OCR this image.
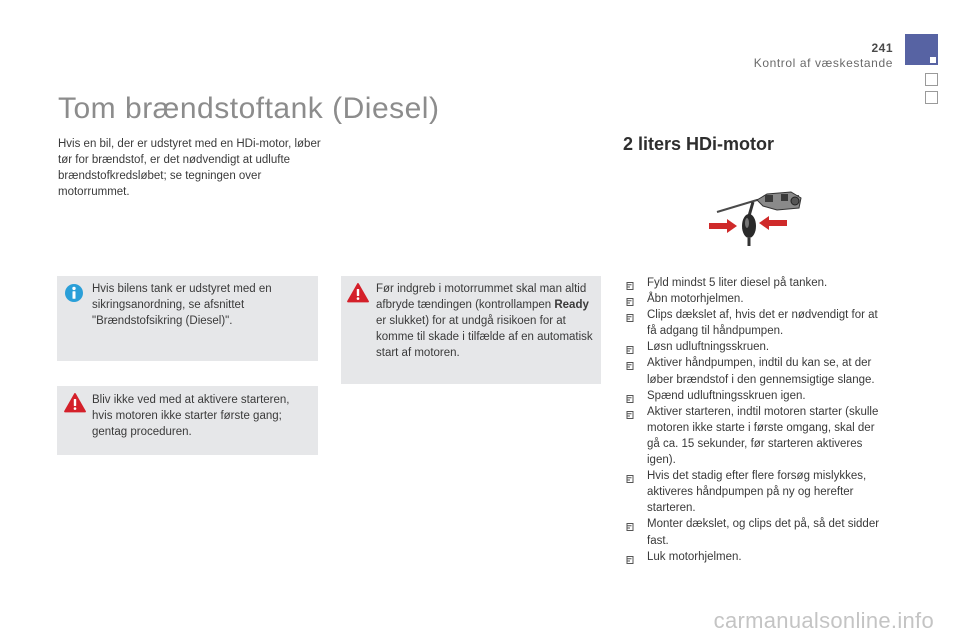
241
Kontrol af væskestande
Tom brændstoftank (Diesel)

Hvis en bil, der er udstyret med en HDi-motor, løber tør for brændstof, er det nødvendigt at udlufte brændstofkredsløbet; se tegningen over motorrummet.

Hvis bilens tank er udstyret med en sikringsanordning, se afsnittet "Brændstofsikring (Diesel)".

Bliv ikke ved med at aktivere starteren, hvis motoren ikke starter første gang; gentag proceduren.

Før indgreb i motorrummet skal man altid afbryde tændingen (kontrollampen Ready er slukket) for at undgå risikoen for at komme til skade i tilfælde af en automatisk start af motoren.

2 liters HDi-motor
Fyld mindst 5 liter diesel på tanken.
Åbn motorhjelmen.
Clips dækslet af, hvis det er nødvendigt for at få adgang til håndpumpen.
Løsn udluftningsskruen.
Aktiver håndpumpen, indtil du kan se, at der løber brændstof i den gennemsigtige slange.
Spænd udluftningsskruen igen.
Aktiver starteren, indtil motoren starter (skulle motoren ikke starte i første omgang, skal der gå ca. 15 sekunder, før starteren aktiveres igen).
Hvis det stadig efter flere forsøg mislykkes, aktiveres håndpumpen på ny og herefter starteren.
Monter dækslet, og clips det på, så det sidder fast.
Luk motorhjelmen.
carmanualsonline.info
